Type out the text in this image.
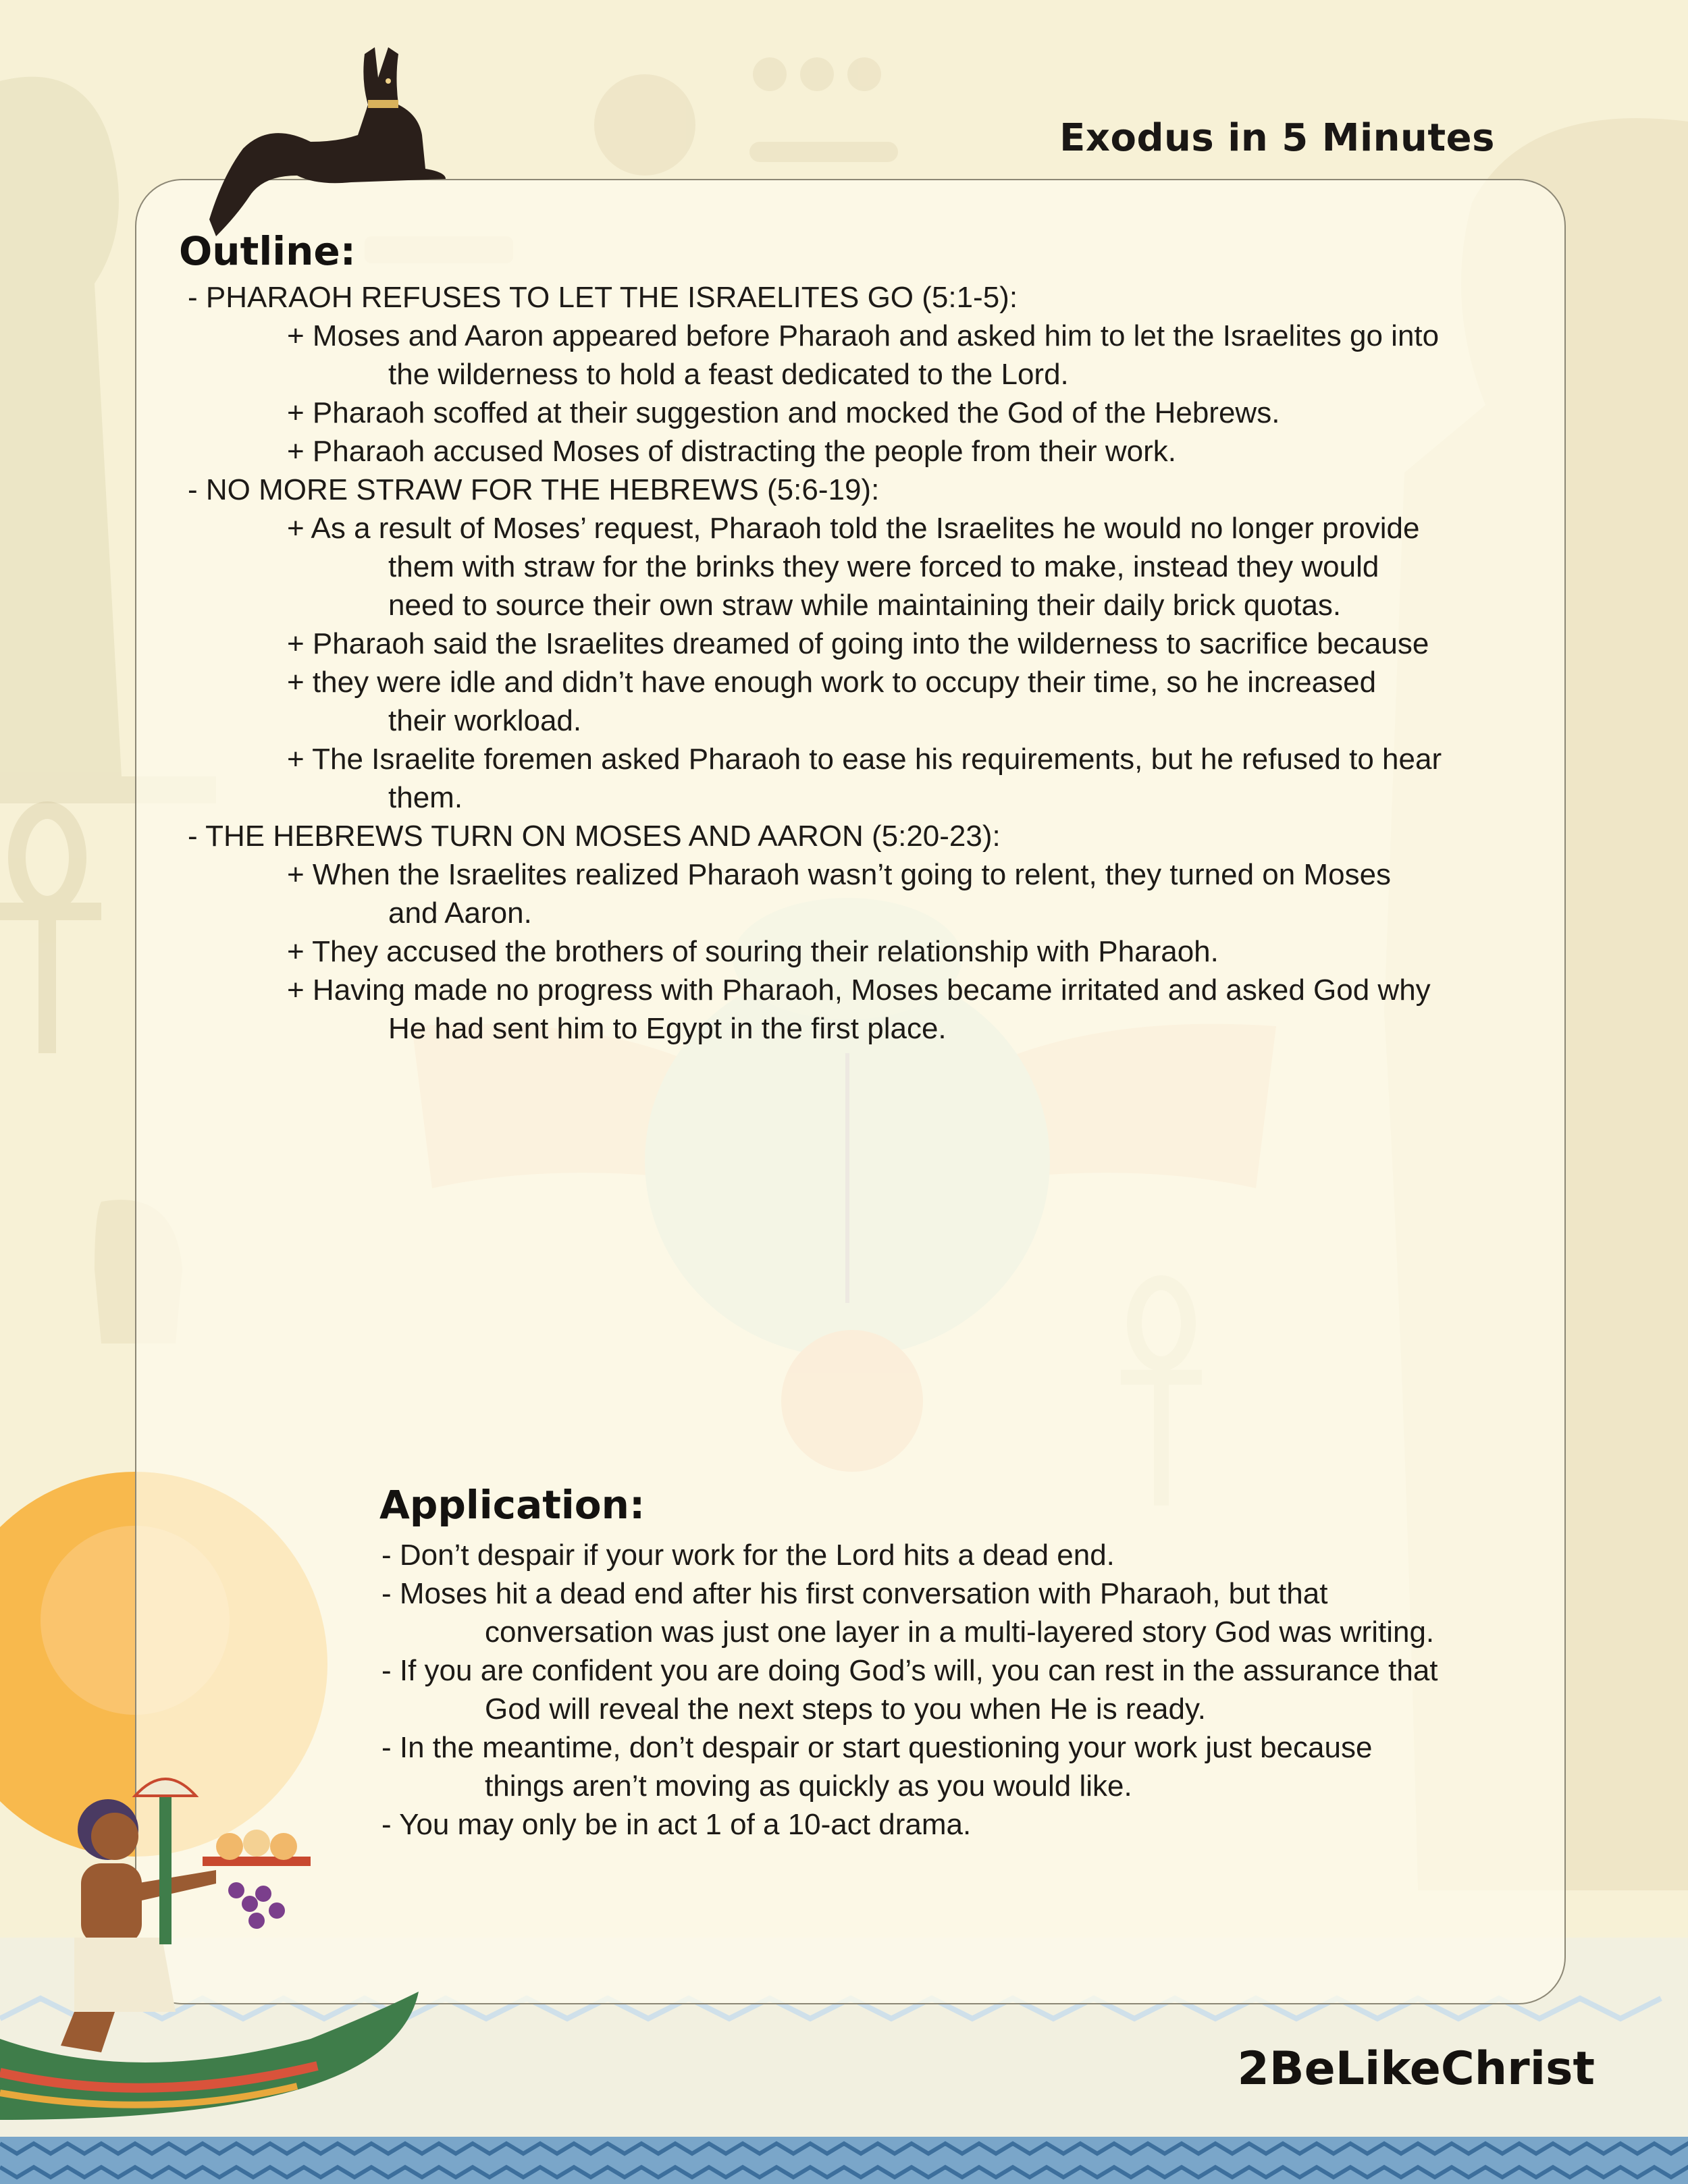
Exodus in 5 Minutes
Outline:
- PHARAOH REFUSES TO LET THE ISRAELITES GO (5:1-5):
+ Moses and Aaron appeared before Pharaoh and asked him to let the Israelites go into
the wilderness to hold a feast dedicated to the Lord.
+ Pharaoh scoffed at their suggestion and mocked the God of the Hebrews.
+ Pharaoh accused Moses of distracting the people from their work.
- NO MORE STRAW FOR THE HEBREWS (5:6-19):
+ As a result of Moses’ request, Pharaoh told the Israelites he would no longer provide
them with straw for the brinks they were forced to make, instead they would
need to source their own straw while maintaining their daily brick quotas.
+ Pharaoh said the Israelites dreamed of going into the wilderness to sacrifice because
+ they were idle and didn’t have enough work to occupy their time, so he increased
their workload.
+ The Israelite foremen asked Pharaoh to ease his requirements, but he refused to hear
them.
- THE HEBREWS TURN ON MOSES AND AARON (5:20-23):
+ When the Israelites realized Pharaoh wasn’t going to relent, they turned on Moses
and Aaron.
+ They accused the brothers of souring their relationship with Pharaoh.
+ Having made no progress with Pharaoh, Moses became irritated and asked God why
He had sent him to Egypt in the first place.
Application:
- Don’t despair if your work for the Lord hits a dead end.
- Moses hit a dead end after his first conversation with Pharaoh, but that
conversation was just one layer in a multi-layered story God was writing.
- If you are confident you are doing God’s will, you can rest in the assurance that
God will reveal the next steps to you when He is ready.
- In the meantime, don’t despair or start questioning your work just because
things aren’t moving as quickly as you would like.
- You may only be in act 1 of a 10-act drama.
2BeLikeChrist
